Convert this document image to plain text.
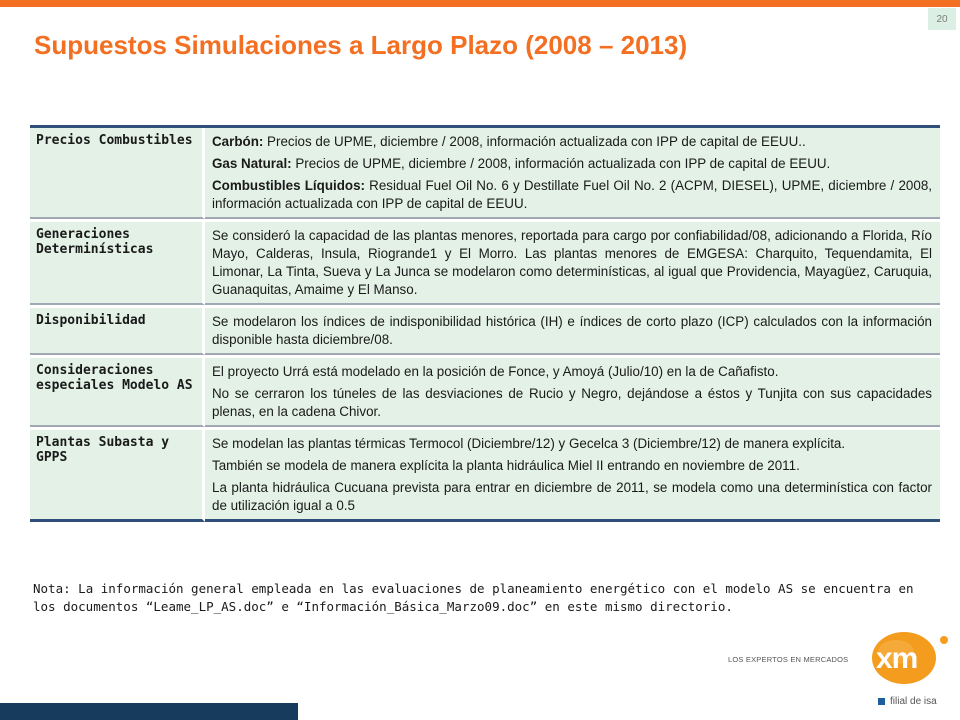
20
Supuestos Simulaciones a Largo Plazo (2008 – 2013)
Precios Combustibles	Carbón: Precios de UPME, diciembre / 2008, información actualizada con IPP de capital de EEUU..

Gas Natural: Precios de UPME, diciembre / 2008, información actualizada con IPP de capital de EEUU.

Combustibles Líquidos: Residual Fuel Oil No. 6 y Destillate Fuel Oil No. 2 (ACPM, DIESEL), UPME, diciembre / 2008, información actualizada con IPP de capital de EEUU.

Generaciones Determinísticas	Se consideró la capacidad de las plantas menores, reportada para cargo por confiabilidad/08, adicionando a Florida, Río Mayo, Calderas, Insula, Riogrande1 y El Morro. Las plantas menores de EMGESA: Charquito, Tequendamita, El Limonar, La Tinta, Sueva y La Junca se modelaron como determinísticas, al igual que Providencia, Mayagüez, Caruquia, Guanaquitas, Amaime y El Manso.

Disponibilidad	Se modelaron los índices de indisponibilidad histórica (IH) e índices de corto plazo (ICP) calculados con la información disponible hasta diciembre/08.

Consideraciones especiales Modelo AS	El proyecto Urrá está modelado en la posición de Fonce, y Amoyá (Julio/10) en la de Cañafisto.

No se cerraron los túneles de las desviaciones de Rucio y Negro, dejándose a éstos y Tunjita con sus capacidades plenas, en la cadena Chivor.

Plantas Subasta y GPPS	Se modelan las plantas térmicas Termocol (Diciembre/12) y Gecelca 3 (Diciembre/12) de manera explícita.

También se modela de manera explícita la planta hidráulica Miel II entrando en noviembre de 2011.

La planta hidráulica Cucuana prevista para entrar en diciembre de 2011, se modela como una determinística con factor de utilización igual a 0.5

Nota: La información general empleada en las evaluaciones de planeamiento energético con el modelo AS se encuentra en los documentos “Leame_LP_AS.doc” e “Información_Básica_Marzo09.doc” en este mismo directorio.
LOS EXPERTOS EN MERCADOS xm
filial de isa
